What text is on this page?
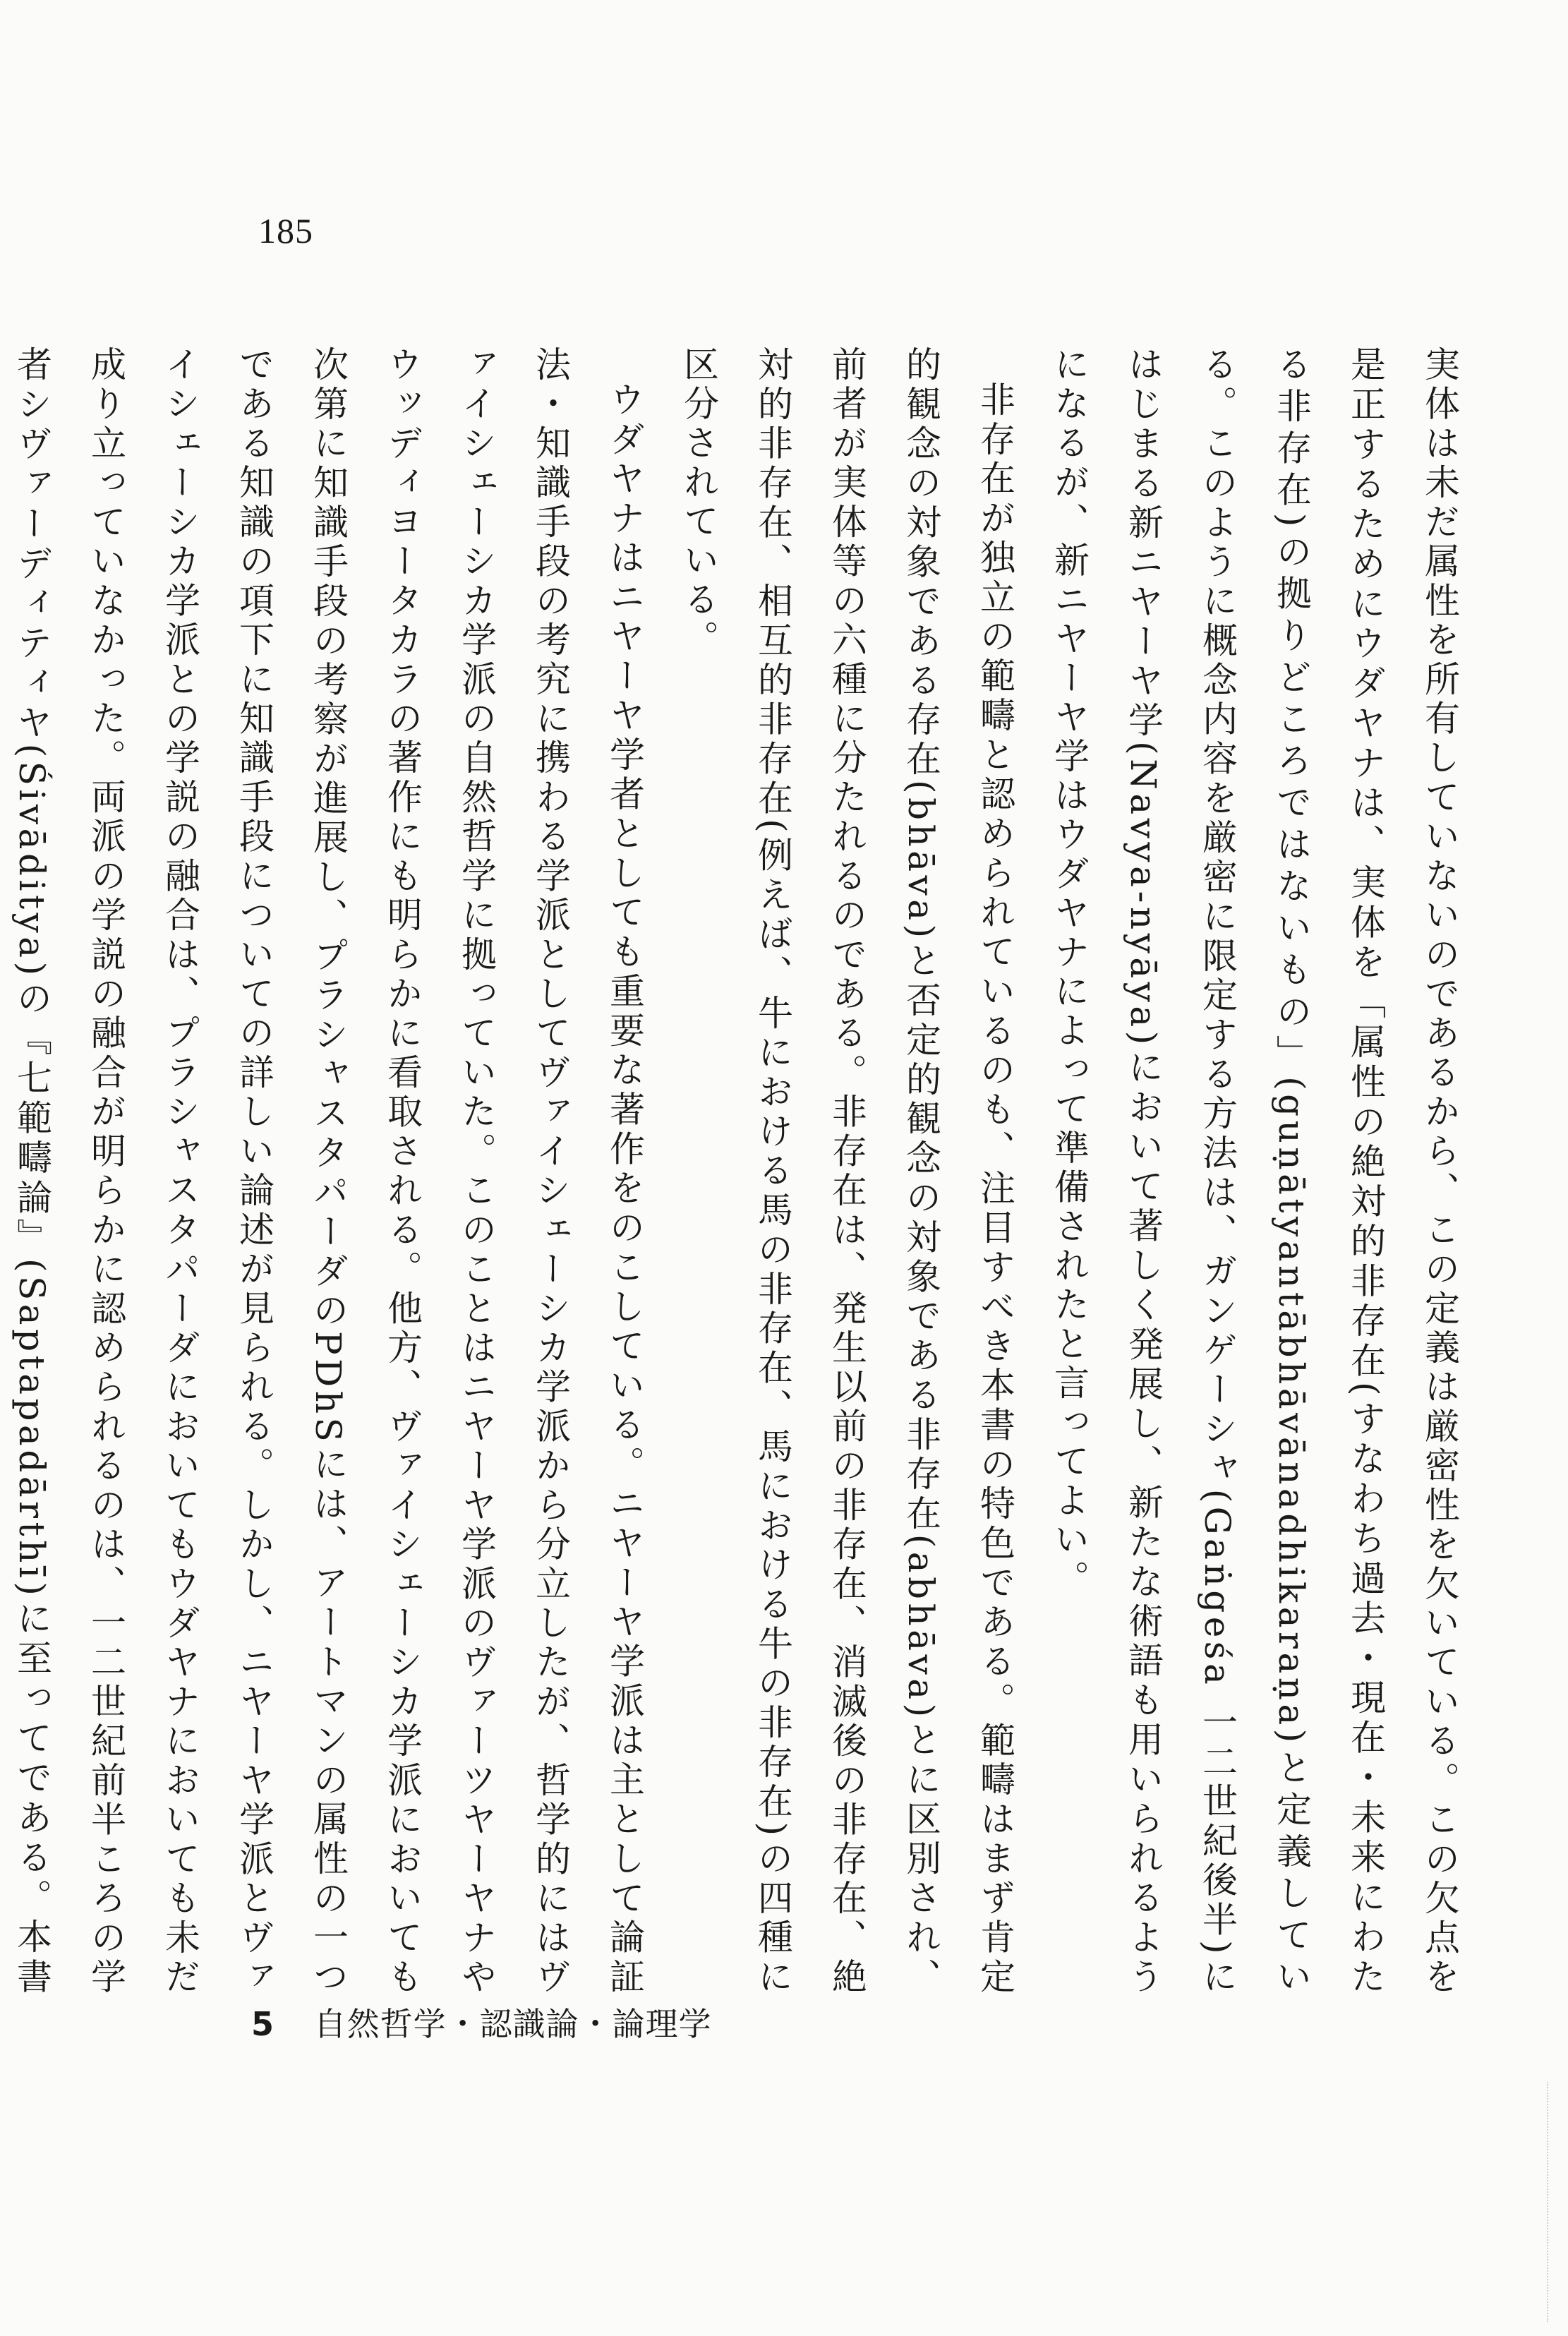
185

実体は未だ属性を所有していないのであるから、この定義は厳密性を欠いている。この欠点を是正するためにウダヤナは、実体を「属性の絶対的非存在(すなわち過去・現在・未来にわたる非存在)の拠りどころではないもの」(guṇātyantābhāvānadhikaraṇa)と定義している。このように概念内容を厳密に限定する方法は、ガンゲーシャ(Gaṅgeśa 一二世紀後半)にはじまる新ニヤーヤ学(Navya-nyāya)において著しく発展し、新たな術語も用いられるようになるが、新ニヤーヤ学はウダヤナによって準備されたと言ってよい。

非存在が独立の範疇と認められているのも、注目すべき本書の特色である。範疇はまず肯定的観念の対象である存在(bhāva)と否定的観念の対象である非存在(abhāva)とに区別され、前者が実体等の六種に分たれるのである。非存在は、発生以前の非存在、消滅後の非存在、絶対的非存在、相互的非存在(例えば、牛における馬の非存在、馬における牛の非存在)の四種に区分されている。

ウダヤナはニヤーヤ学者としても重要な著作をのこしている。ニヤーヤ学派は主として論証法・知識手段の考究に携わる学派としてヴァイシェーシカ学派から分立したが、哲学的にはヴァイシェーシカ学派の自然哲学に拠っていた。このことはニヤーヤ学派のヴァーツヤーヤナやウッディヨータカラの著作にも明らかに看取される。他方、ヴァイシェーシカ学派においても次第に知識手段の考察が進展し、プラシャスタパーダのPDhSには、アートマンの属性の一つである知識の項下に知識手段についての詳しい論述が見られる。しかし、ニヤーヤ学派とヴァイシェーシカ学派との学説の融合は、プラシャスタパーダにおいてもウダヤナにおいても未だ成り立っていなかった。両派の学説の融合が明らかに認められるのは、一二世紀前半ころの学者シヴァーディティヤ(Śivāditya)の『七範疇論』(Saptapadārthī)に至ってである。本書

5 自然哲学・認識論・論理学
